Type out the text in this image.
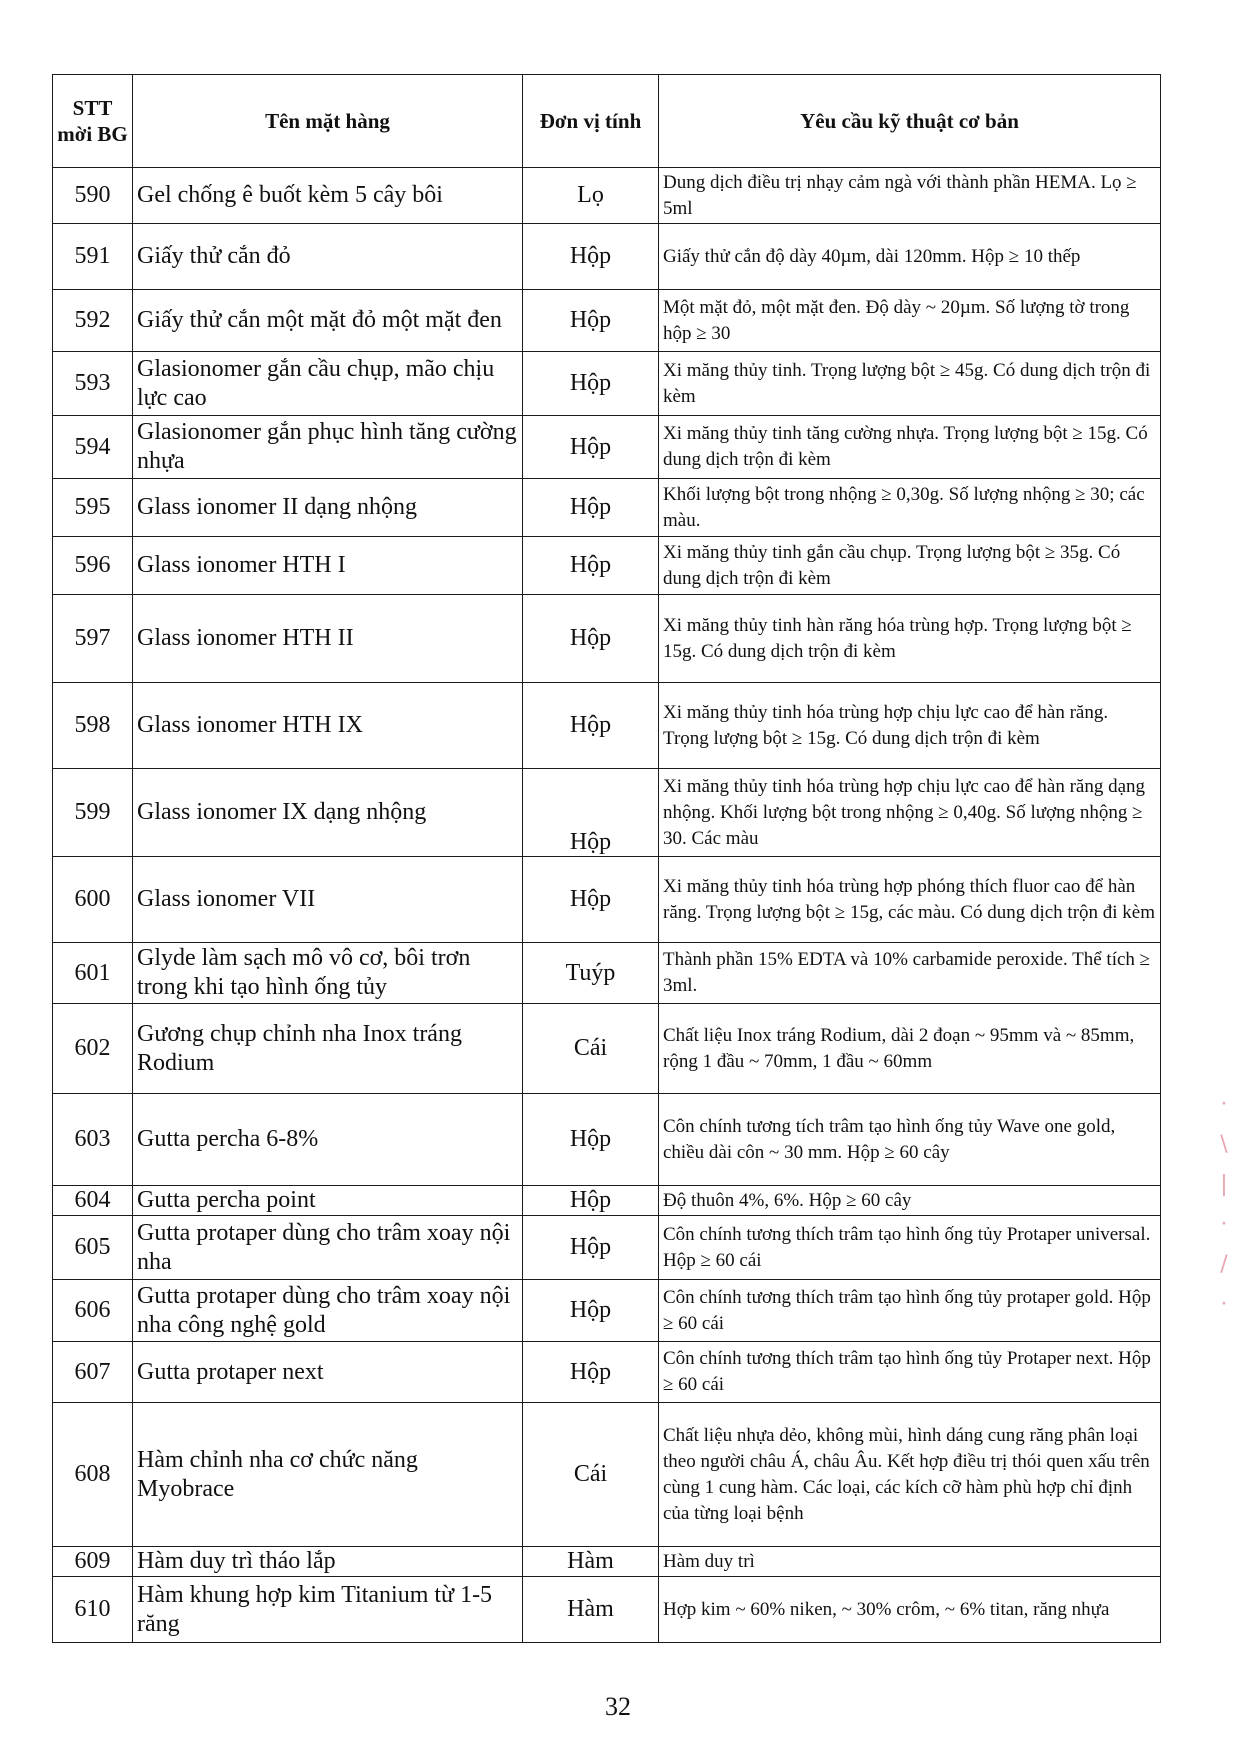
STT mời BG	Tên mặt hàng	Đơn vị tính	Yêu cầu kỹ thuật cơ bản
590	Gel chống ê buốt kèm 5 cây bôi	Lọ	Dung dịch điều trị nhạy cảm ngà với thành phần HEMA. Lọ ≥ 5ml
591	Giấy thử cắn đỏ	Hộp	Giấy thử cắn độ dày 40µm, dài 120mm. Hộp ≥ 10 thếp
592	Giấy thử cắn một mặt đỏ một mặt đen	Hộp	Một mặt đỏ, một mặt đen. Độ dày ~ 20µm. Số lượng tờ trong hộp ≥ 30
593	Glasionomer gắn cầu chụp, mão chịu lực cao	Hộp	Xi măng thủy tinh. Trọng lượng bột ≥ 45g. Có dung dịch trộn đi kèm
594	Glasionomer gắn phục hình tăng cường nhựa	Hộp	Xi măng thủy tinh tăng cường nhựa. Trọng lượng bột ≥ 15g. Có dung dịch trộn đi kèm
595	Glass ionomer II dạng nhộng	Hộp	Khối lượng bột trong nhộng ≥ 0,30g. Số lượng nhộng ≥ 30; các màu.
596	Glass ionomer HTH I	Hộp	Xi măng thủy tinh gắn cầu chụp. Trọng lượng bột ≥ 35g. Có dung dịch trộn đi kèm
597	Glass ionomer HTH II	Hộp	Xi măng thủy tinh hàn răng hóa trùng hợp. Trọng lượng bột ≥ 15g. Có dung dịch trộn đi kèm
598	Glass ionomer HTH IX	Hộp	Xi măng thủy tinh hóa trùng hợp chịu lực cao để hàn răng. Trọng lượng bột ≥ 15g. Có dung dịch trộn đi kèm
599	Glass ionomer IX dạng nhộng	Hộp	Xi măng thủy tinh hóa trùng hợp chịu lực cao để hàn răng dạng nhộng. Khối lượng bột trong nhộng ≥ 0,40g. Số lượng nhộng ≥ 30. Các màu
600	Glass ionomer VII	Hộp	Xi măng thủy tinh hóa trùng hợp phóng thích fluor cao để hàn răng. Trọng lượng bột ≥ 15g, các màu. Có dung dịch trộn đi kèm
601	Glyde làm sạch mô vô cơ, bôi trơn trong khi tạo hình ống tủy	Tuýp	Thành phần 15% EDTA và 10% carbamide peroxide. Thể tích ≥ 3ml.
602	Gương chụp chỉnh nha Inox tráng Rodium	Cái	Chất liệu Inox tráng Rodium, dài 2 đoạn ~ 95mm và ~ 85mm, rộng 1 đầu ~ 70mm, 1 đầu ~ 60mm
603	Gutta percha 6-8%	Hộp	Côn chính tương tích trâm tạo hình ống tủy Wave one gold, chiều dài côn ~ 30 mm. Hộp ≥ 60 cây
604	Gutta percha point	Hộp	Độ thuôn 4%, 6%. Hộp ≥ 60 cây
605	Gutta protaper dùng cho trâm xoay nội nha	Hộp	Côn chính tương thích trâm tạo hình ống tủy Protaper universal. Hộp ≥ 60 cái
606	Gutta protaper dùng cho trâm xoay nội nha công nghệ gold	Hộp	Côn chính tương thích trâm tạo hình ống tủy protaper gold. Hộp ≥ 60 cái
607	Gutta protaper next	Hộp	Côn chính tương thích trâm tạo hình ống tủy Protaper next. Hộp ≥ 60 cái
608	Hàm chỉnh nha cơ chức năng Myobrace	Cái	Chất liệu nhựa dẻo, không mùi, hình dáng cung răng phân loại theo người châu Á, châu Âu. Kết hợp điều trị thói quen xấu trên cùng 1 cung hàm. Các loại, các kích cỡ hàm phù hợp chỉ định của từng loại bệnh
609	Hàm duy trì tháo lắp	Hàm	Hàm duy trì
610	Hàm khung hợp kim Titanium từ 1-5 răng	Hàm	Hợp kim ~ 60% niken, ~ 30% crôm, ~ 6% titan, răng nhựa
32
·
\
|
·
/
·
